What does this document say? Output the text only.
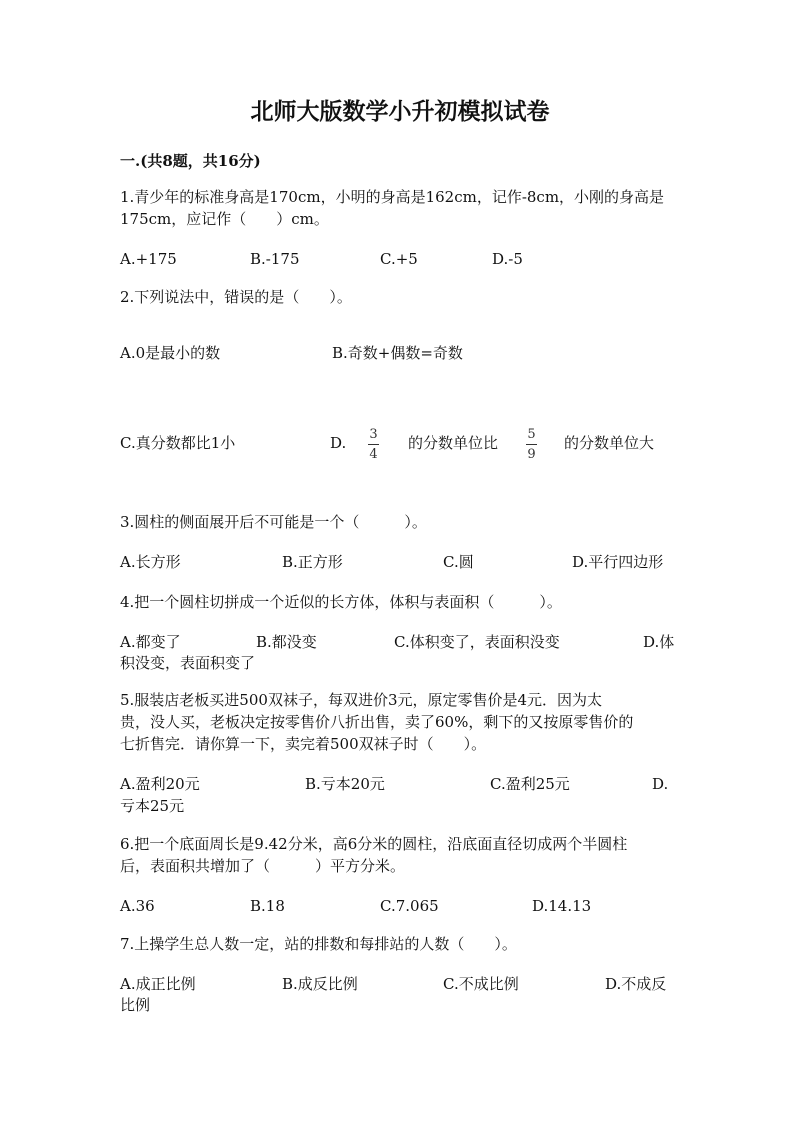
北师大版数学小升初模拟试卷
一.(共8题，共16分)
1.青少年的标准身高是170cm，小明的身高是162cm，记作-8cm，小刚的身高是
175cm，应记作（　　）cm。
A.+175	B.-175	C.+5	D.-5
2.下列说法中，错误的是（　　）。
A.0是最小的数	B.奇数+偶数=奇数
C.真分数都比1小	D. 3
4
的分数单位比 5
9
的分数单位大
3.圆柱的侧面展开后不可能是一个（　　　）。
A.长方形	B.正方形	C.圆	D.平行四边形
4.把一个圆柱切拼成一个近似的长方体，体积与表面积（　　　）。
A.都变了	B.都没变	C.体积变了，表面积没变	D.体
积没变，表面积变了
5.服装店老板买进500双袜子，每双进价3元，原定零售价是4元．因为太
贵，没人买，老板决定按零售价八折出售，卖了60%，剩下的又按原零售价的
七折售完．请你算一下，卖完着500双袜子时（　　）。
A.盈利20元	B.亏本20元	C.盈利25元	D.
亏本25元
6.把一个底面周长是9.42分米，高6分米的圆柱，沿底面直径切成两个半圆柱
后，表面积共增加了（　　　）平方分米。
A.36	B.18	C.7.065	D.14.13
7.上操学生总人数一定，站的排数和每排站的人数（　　）。
A.成正比例	B.成反比例	C.不成比例	D.不成反
比例
